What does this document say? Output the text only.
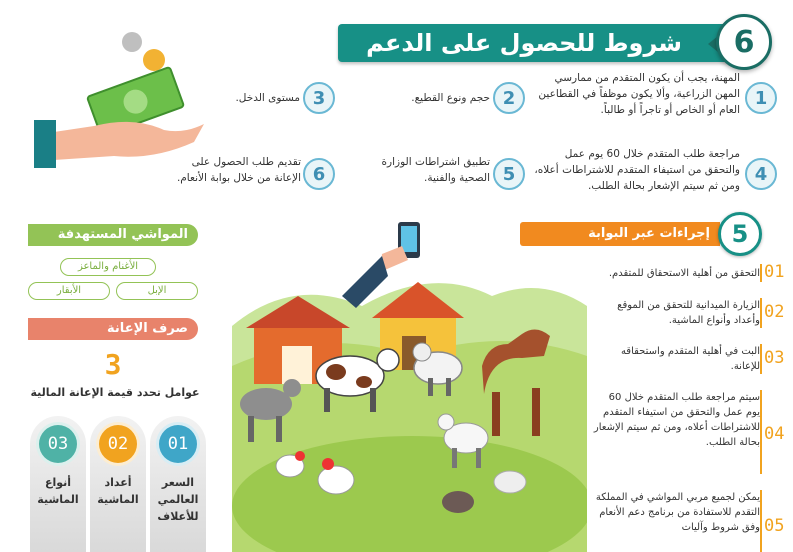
شروط للحصول على الدعم	6
1
المهنة، يجب أن يكون المتقدم من ممارسي المهن الزراعية، وألا يكون موظفاً في القطاعين العام أو الخاص أو تاجراً أو طالباً.
2
حجم ونوع القطيع.
3
مستوى الدخل.
4
مراجعة طلب المتقدم خلال 60 يوم عمل والتحقق من استيفاء المتقدم للاشتراطات أعلاه، ومن ثم سيتم الإشعار بحالة الطلب.
5
تطبيق اشتراطات الوزارة الصحية والفنية.
6
تقديم طلب الحصول على الإعانة من خلال بوابة الأنعام.
إجراءات عبر البوابة الإلكترونية
5
01
التحقق من أهلية الاستحقاق للمتقدم.
02
الزيارة الميدانية للتحقق من الموقع وأعداد وأنواع الماشية.
03
البت في أهلية المتقدم واستحقاقه للإعانة.
04
سيتم مراجعة طلب المتقدم خلال 60 يوم عمل والتحقق من استيفاء المتقدم للاشتراطات أعلاه، ومن ثم سيتم الإشعار بحالة الطلب.
05
يمكن لجميع مربي المواشي في المملكة التقدم للاستفادة من برنامج دعم الأنعام وفق شروط وآليات
المواشي المستهدفة
الأغنام والماعز
الإبل
الأبقار
صرف الإعانة
3
عوامل تحدد قيمة الإعانة المالية
01
السعر العالمي للأعلاف
02
أعداد الماشية
03
أنواع الماشية
